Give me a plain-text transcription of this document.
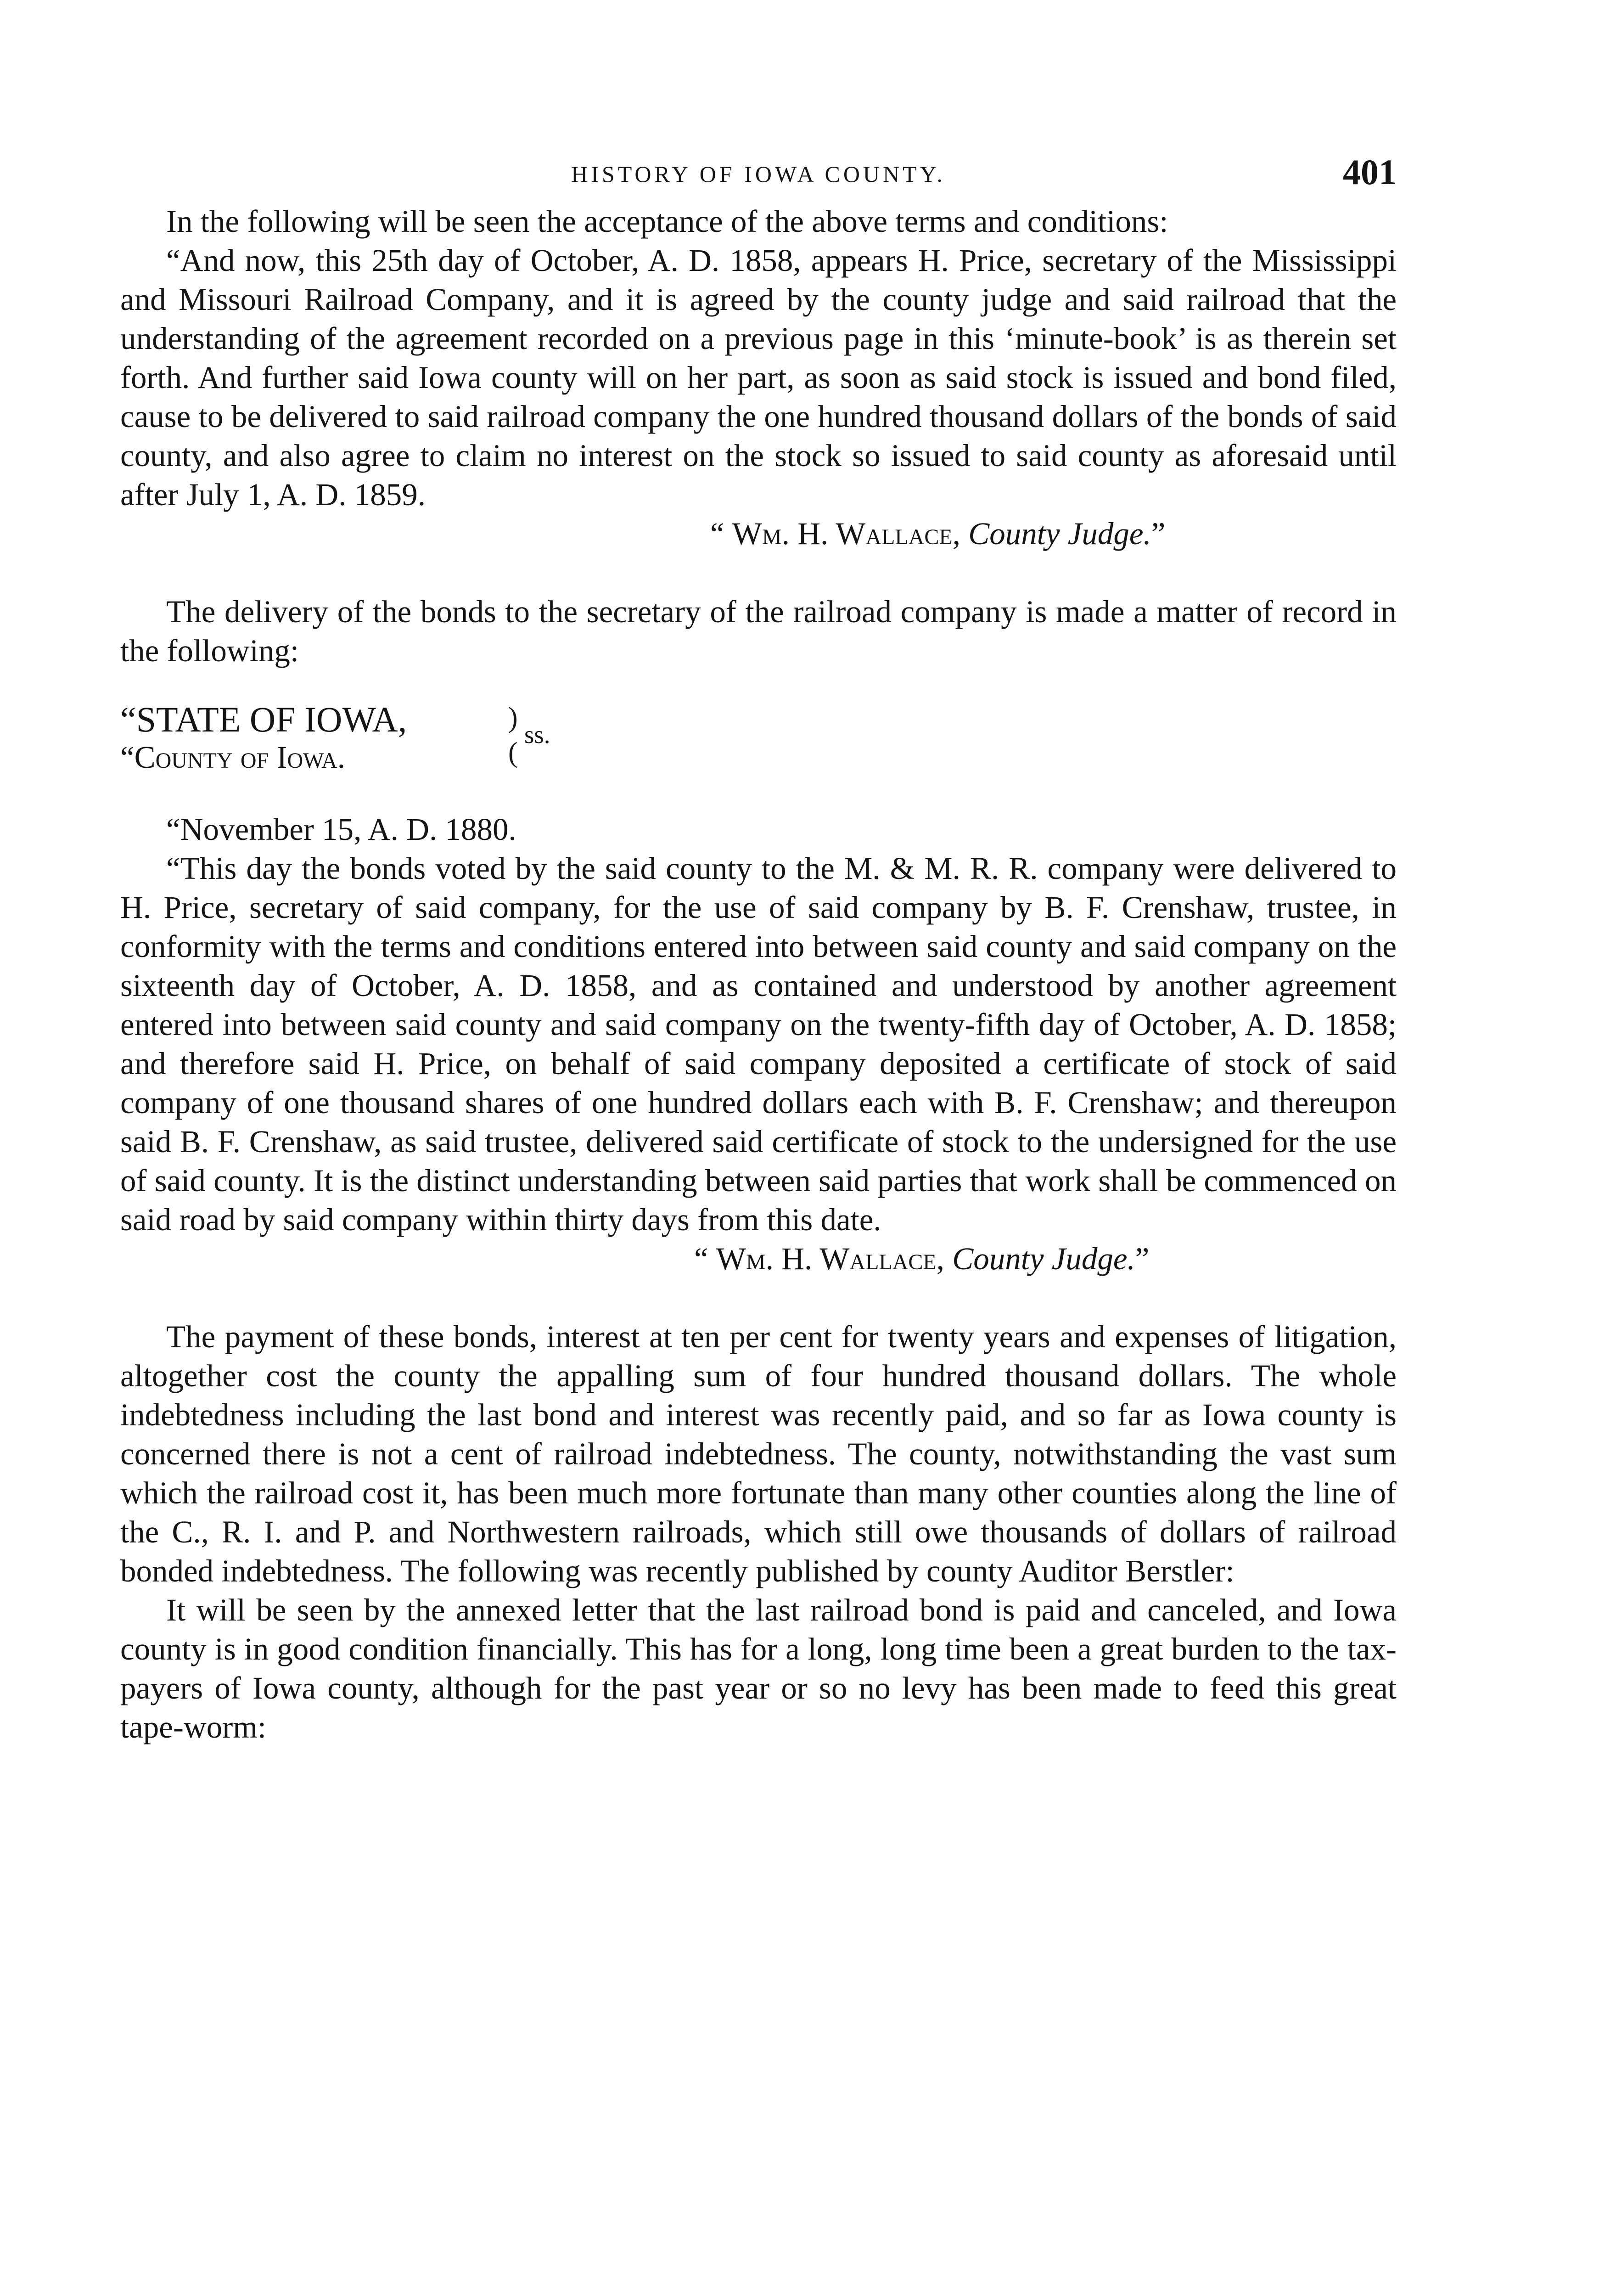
HISTORY OF IOWA COUNTY.	401

In the following will be seen the acceptance of the above terms and conditions:

“And now, this 25th day of October, A. D. 1858, appears H. Price, secretary of the Mississippi and Missouri Railroad Company, and it is agreed by the county judge and said railroad that the understanding of the agreement recorded on a previous page in this ‘minute-book’ is as therein set forth. And further said Iowa county will on her part, as soon as said stock is issued and bond filed, cause to be delivered to said railroad company the one hundred thousand dollars of the bonds of said county, and also agree to claim no interest on the stock so issued to said county as aforesaid until after July 1, A. D. 1859.

“ Wm. H. Wallace, County Judge.”

The delivery of the bonds to the secretary of the railroad company is made a matter of record in the following:

“STATE OF IOWA,
“County of Iowa.
)
(
ss.

“November 15, A. D. 1880.

“This day the bonds voted by the said county to the M. & M. R. R. company were delivered to H. Price, secretary of said company, for the use of said company by B. F. Crenshaw, trustee, in conformity with the terms and conditions entered into between said county and said company on the sixteenth day of October, A. D. 1858, and as contained and understood by another agreement entered into between said county and said company on the twenty-fifth day of October, A. D. 1858; and therefore said H. Price, on behalf of said company deposited a certificate of stock of said company of one thousand shares of one hundred dollars each with B. F. Crenshaw; and thereupon said B. F. Crenshaw, as said trustee, delivered said certificate of stock to the undersigned for the use of said county. It is the distinct understanding between said parties that work shall be commenced on said road by said company within thirty days from this date.

“ Wm. H. Wallace, County Judge.”

The payment of these bonds, interest at ten per cent for twenty years and expenses of litigation, altogether cost the county the appalling sum of four hundred thousand dollars. The whole indebtedness including the last bond and interest was recently paid, and so far as Iowa county is concerned there is not a cent of railroad indebtedness. The county, notwithstanding the vast sum which the railroad cost it, has been much more fortunate than many other counties along the line of the C., R. I. and P. and Northwestern railroads, which still owe thousands of dollars of railroad bonded indebtedness. The following was recently published by county Auditor Berstler:

It will be seen by the annexed letter that the last railroad bond is paid and canceled, and Iowa county is in good condition financially. This has for a long, long time been a great burden to the tax-payers of Iowa county, although for the past year or so no levy has been made to feed this great tape-worm:
